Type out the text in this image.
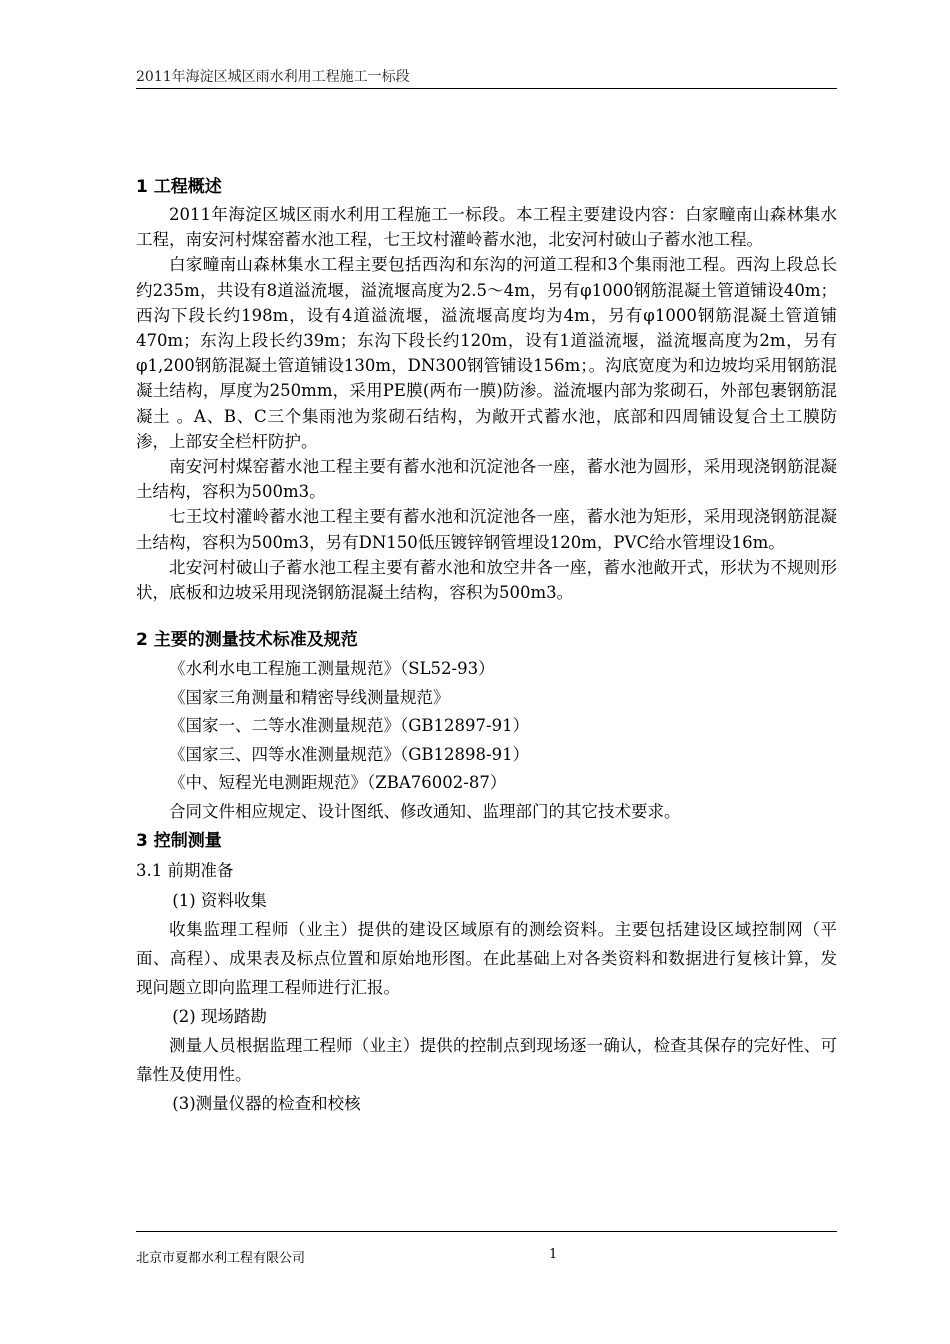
2011年海淀区城区雨水利用工程施工一标段

1 工程概述

2011年海淀区城区雨水利用工程施工一标段。本工程主要建设内容：白家疃南山森林集水工程，南安河村煤窑蓄水池工程，七王坟村灌岭蓄水池，北安河村破山子蓄水池工程。

白家疃南山森林集水工程主要包括西沟和东沟的河道工程和3个集雨池工程。西沟上段总长约235m，共设有8道溢流堰，溢流堰高度为2.5～4m，另有φ1000钢筋混凝土管道铺设40m；西沟下段长约198m，设有4道溢流堰，溢流堰高度均为4m，另有φ1000钢筋混凝土管道铺470m；东沟上段长约39m；东沟下段长约120m，设有1道溢流堰，溢流堰高度为2m，另有φ1,200钢筋混凝土管道铺设130m，DN300钢管铺设156m；。沟底宽度为和边坡均采用钢筋混凝土结构，厚度为250mm，采用PE膜(两布一膜)防渗。溢流堰内部为浆砌石，外部包裹钢筋混凝土 。A、B、C三个集雨池为浆砌石结构，为敞开式蓄水池，底部和四周铺设复合土工膜防渗，上部安全栏杆防护。

南安河村煤窑蓄水池工程主要有蓄水池和沉淀池各一座，蓄水池为圆形，采用现浇钢筋混凝土结构，容积为500m3。

七王坟村灌岭蓄水池工程主要有蓄水池和沉淀池各一座，蓄水池为矩形，采用现浇钢筋混凝土结构，容积为500m3，另有DN150低压镀锌钢管埋设120m，PVC给水管埋设16m。

北安河村破山子蓄水池工程主要有蓄水池和放空井各一座，蓄水池敞开式，形状为不规则形状，底板和边坡采用现浇钢筋混凝土结构，容积为500m3。

2 主要的测量技术标准及规范

《水利水电工程施工测量规范》（SL52-93）

《国家三角测量和精密导线测量规范》

《国家一、二等水准测量规范》（GB12897-91）

《国家三、四等水准测量规范》（GB12898-91）

《中、短程光电测距规范》（ZBA76002-87）

合同文件相应规定、设计图纸、修改通知、监理部门的其它技术要求。

3 控制测量

3.1 前期准备

(1) 资料收集

收集监理工程师（业主）提供的建设区域原有的测绘资料。主要包括建设区域控制网（平面、高程）、成果表及标点位置和原始地形图。在此基础上对各类资料和数据进行复核计算，发现问题立即向监理工程师进行汇报。

(2) 现场踏勘

测量人员根据监理工程师（业主）提供的控制点到现场逐一确认，检查其保存的完好性、可靠性及使用性。

(3)测量仪器的检查和校核

北京市夏都水利工程有限公司	1
